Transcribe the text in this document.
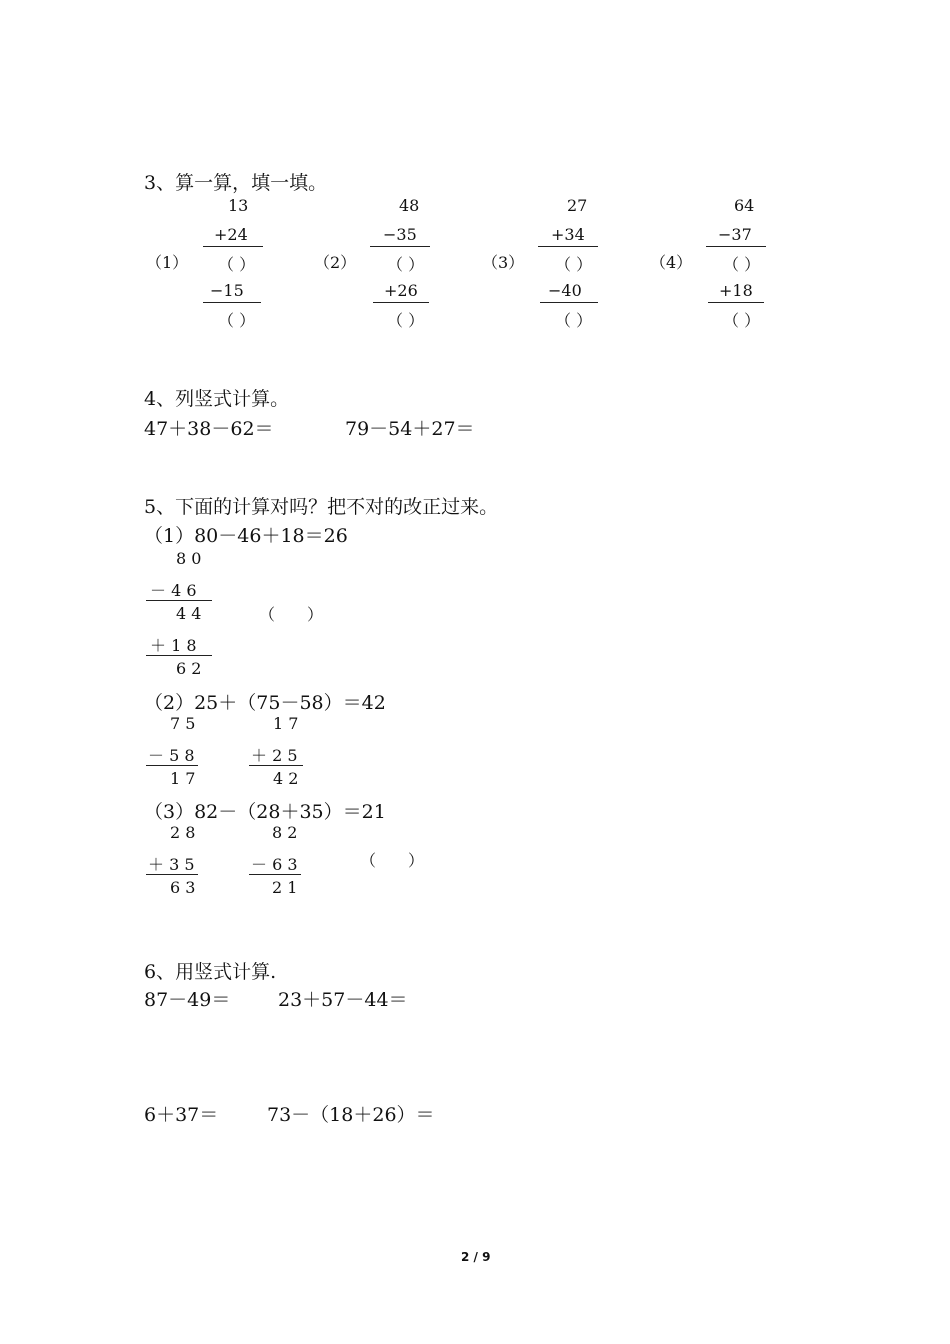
3、算一算，填一填。
13
+24
（1） （ ）
−15
（ ）
48
−35
（2） （ ）
+26
（ ）
27
+34
（3） （ ）
−40
（ ）
64
−37
（4） （ ）
+18
（ ）
4、列竖式计算。
47＋38－62＝	79－54＋27＝
5、下面的计算对吗？把不对的改正过来。
（1）80－46＋18＝26
8 0
－ 4 6
4 4	（　　）
＋ 1 8
6 2
（2）25＋（75－58）＝42
7 5
－ 5 8
1 7
1 7
＋ 2 5
4 2
（3）82－（28＋35）＝21
2 8
＋ 3 5
6 3
8 2
－ 6 3
2 1
（　　）
6、用竖式计算.
87－49＝	23＋57－44＝
6＋37＝	73－（18＋26）＝
2 / 9
